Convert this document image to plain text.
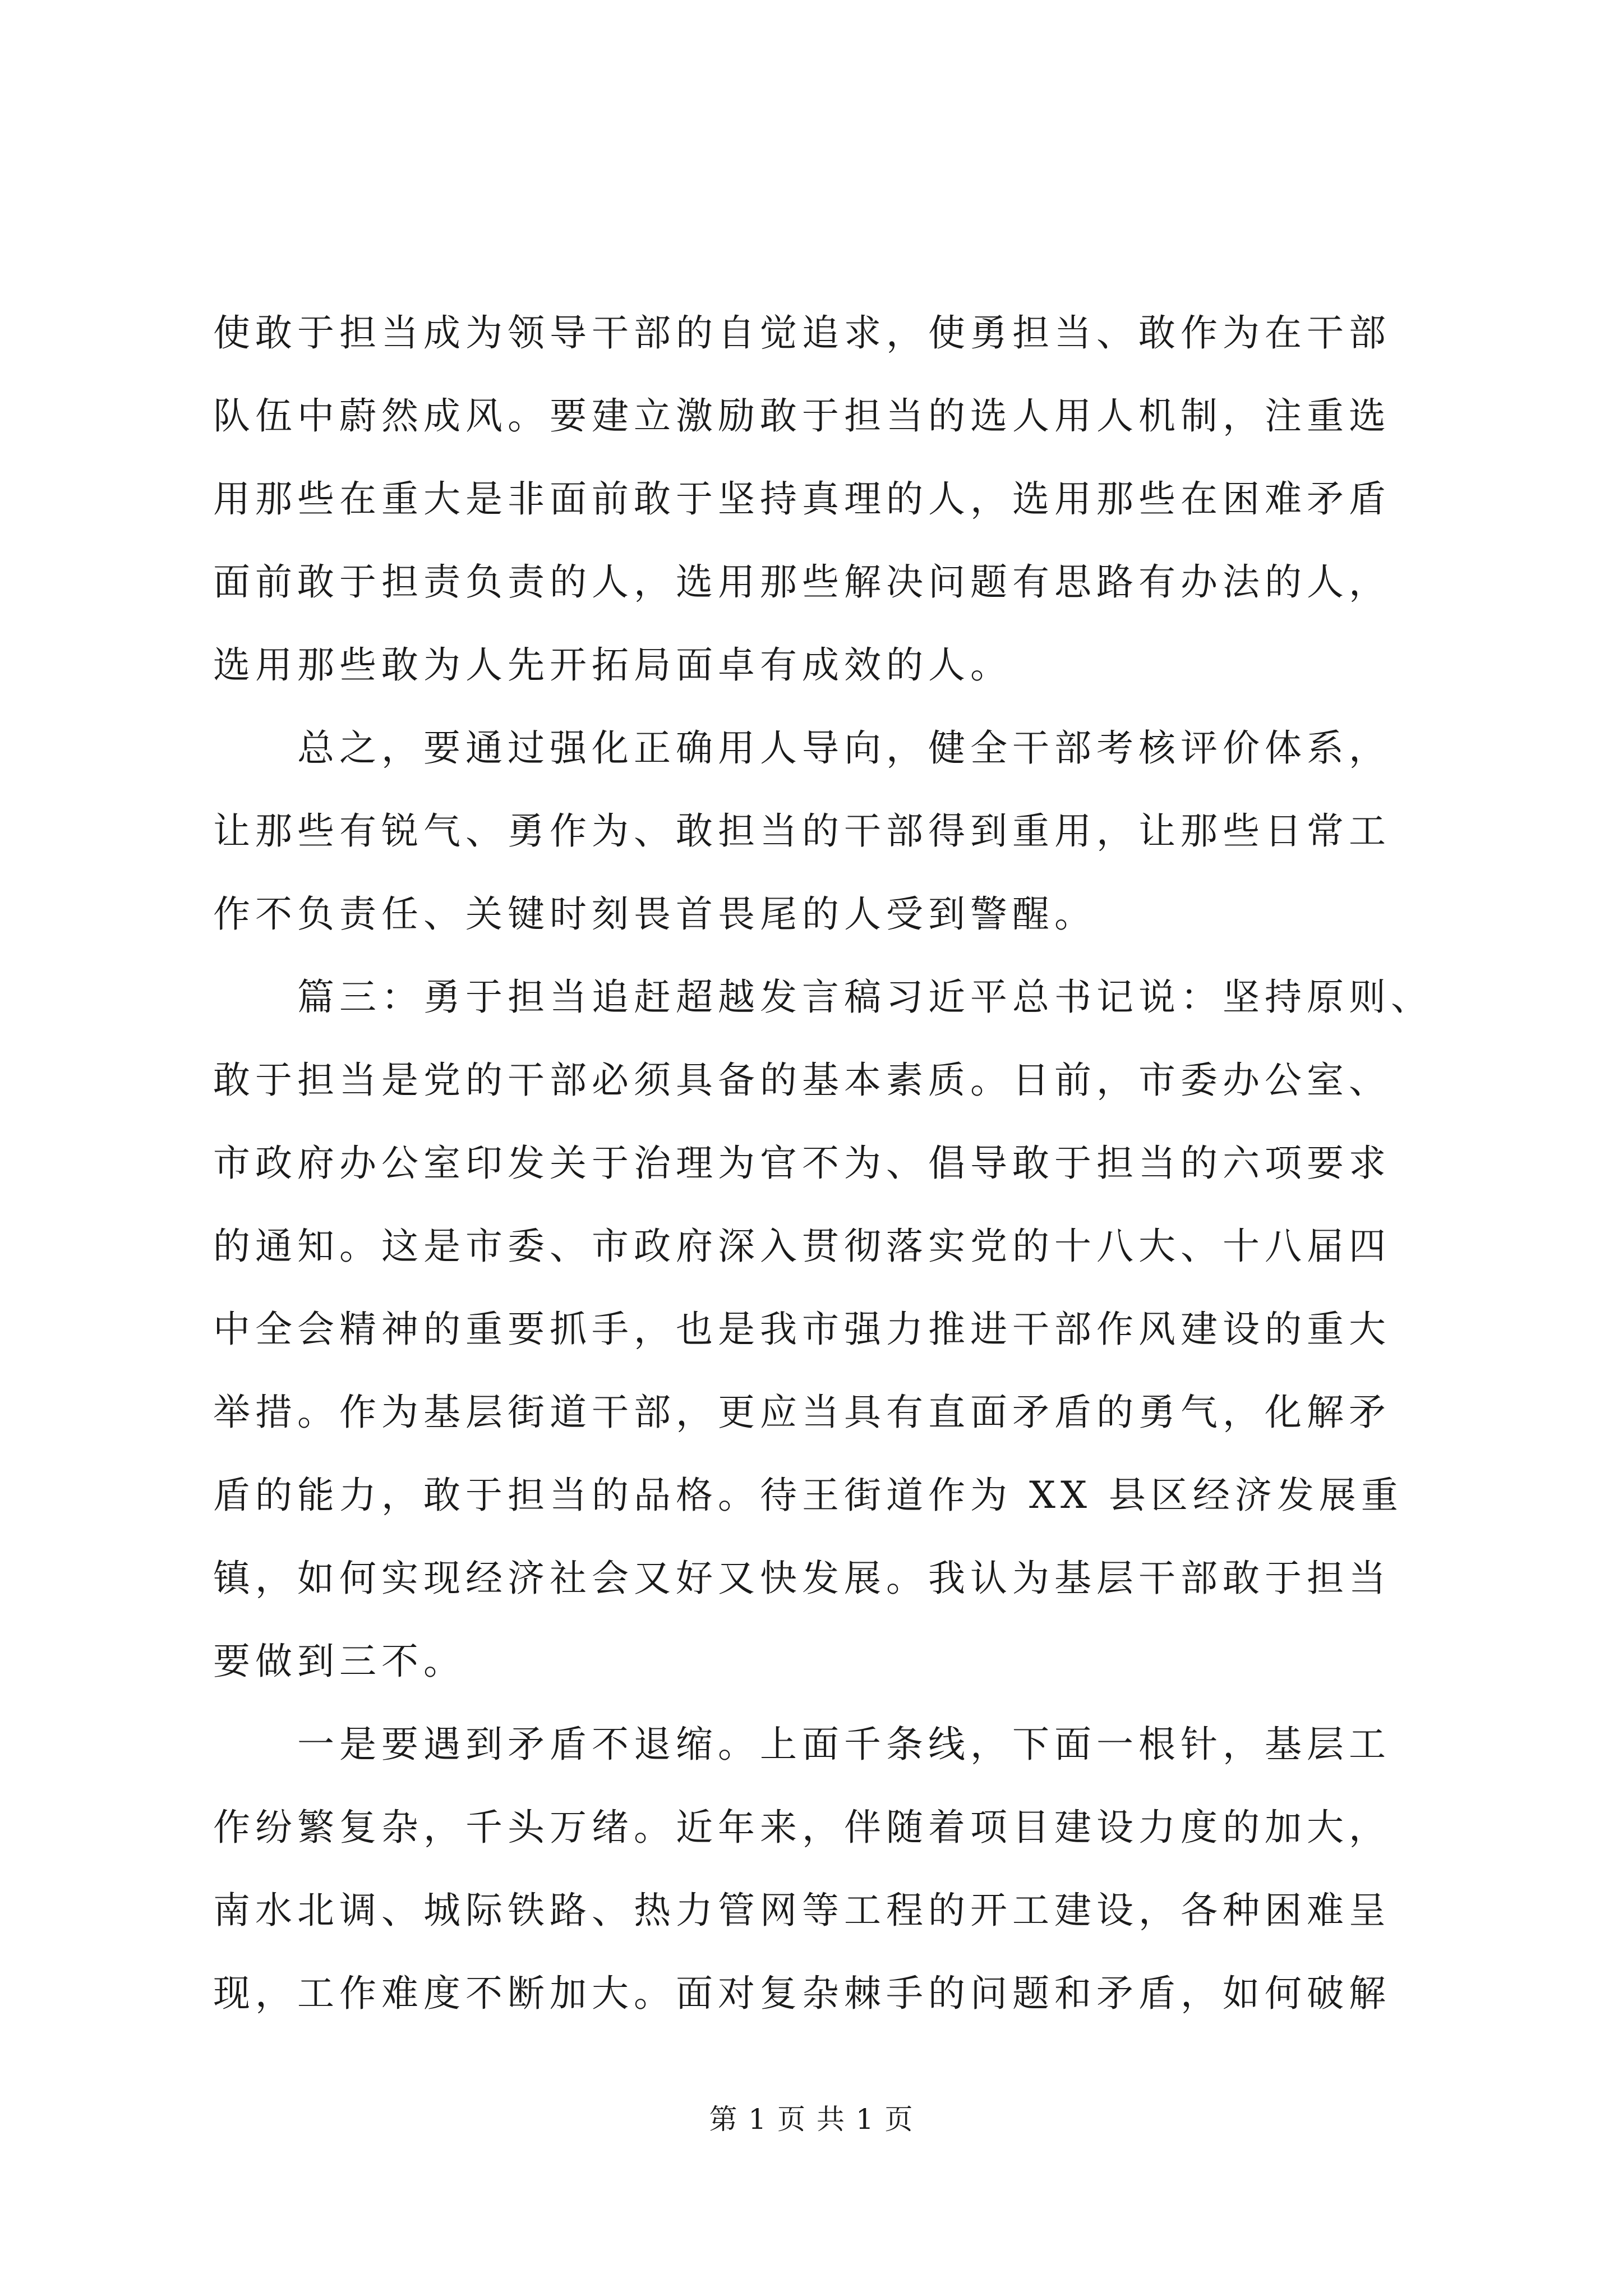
使敢于担当成为领导干部的自觉追求，使勇担当、敢作为在干部
队伍中蔚然成风。要建立激励敢于担当的选人用人机制，注重选
用那些在重大是非面前敢于坚持真理的人，选用那些在困难矛盾
面前敢于担责负责的人，选用那些解决问题有思路有办法的人，
选用那些敢为人先开拓局面卓有成效的人。
总之，要通过强化正确用人导向，健全干部考核评价体系，
让那些有锐气、勇作为、敢担当的干部得到重用，让那些日常工
作不负责任、关键时刻畏首畏尾的人受到警醒。
篇三：勇于担当追赶超越发言稿习近平总书记说：坚持原则、
敢于担当是党的干部必须具备的基本素质。日前，市委办公室、
市政府办公室印发关于治理为官不为、倡导敢于担当的六项要求
的通知。这是市委、市政府深入贯彻落实党的十八大、十八届四
中全会精神的重要抓手，也是我市强力推进干部作风建设的重大
举措。作为基层街道干部，更应当具有直面矛盾的勇气，化解矛
盾的能力，敢于担当的品格。待王街道作为 XX 县区经济发展重
镇，如何实现经济社会又好又快发展。我认为基层干部敢于担当
要做到三不。
一是要遇到矛盾不退缩。上面千条线，下面一根针，基层工
作纷繁复杂，千头万绪。近年来，伴随着项目建设力度的加大，
南水北调、城际铁路、热力管网等工程的开工建设，各种困难呈
现，工作难度不断加大。面对复杂棘手的问题和矛盾，如何破解
第 1 页 共 1 页
